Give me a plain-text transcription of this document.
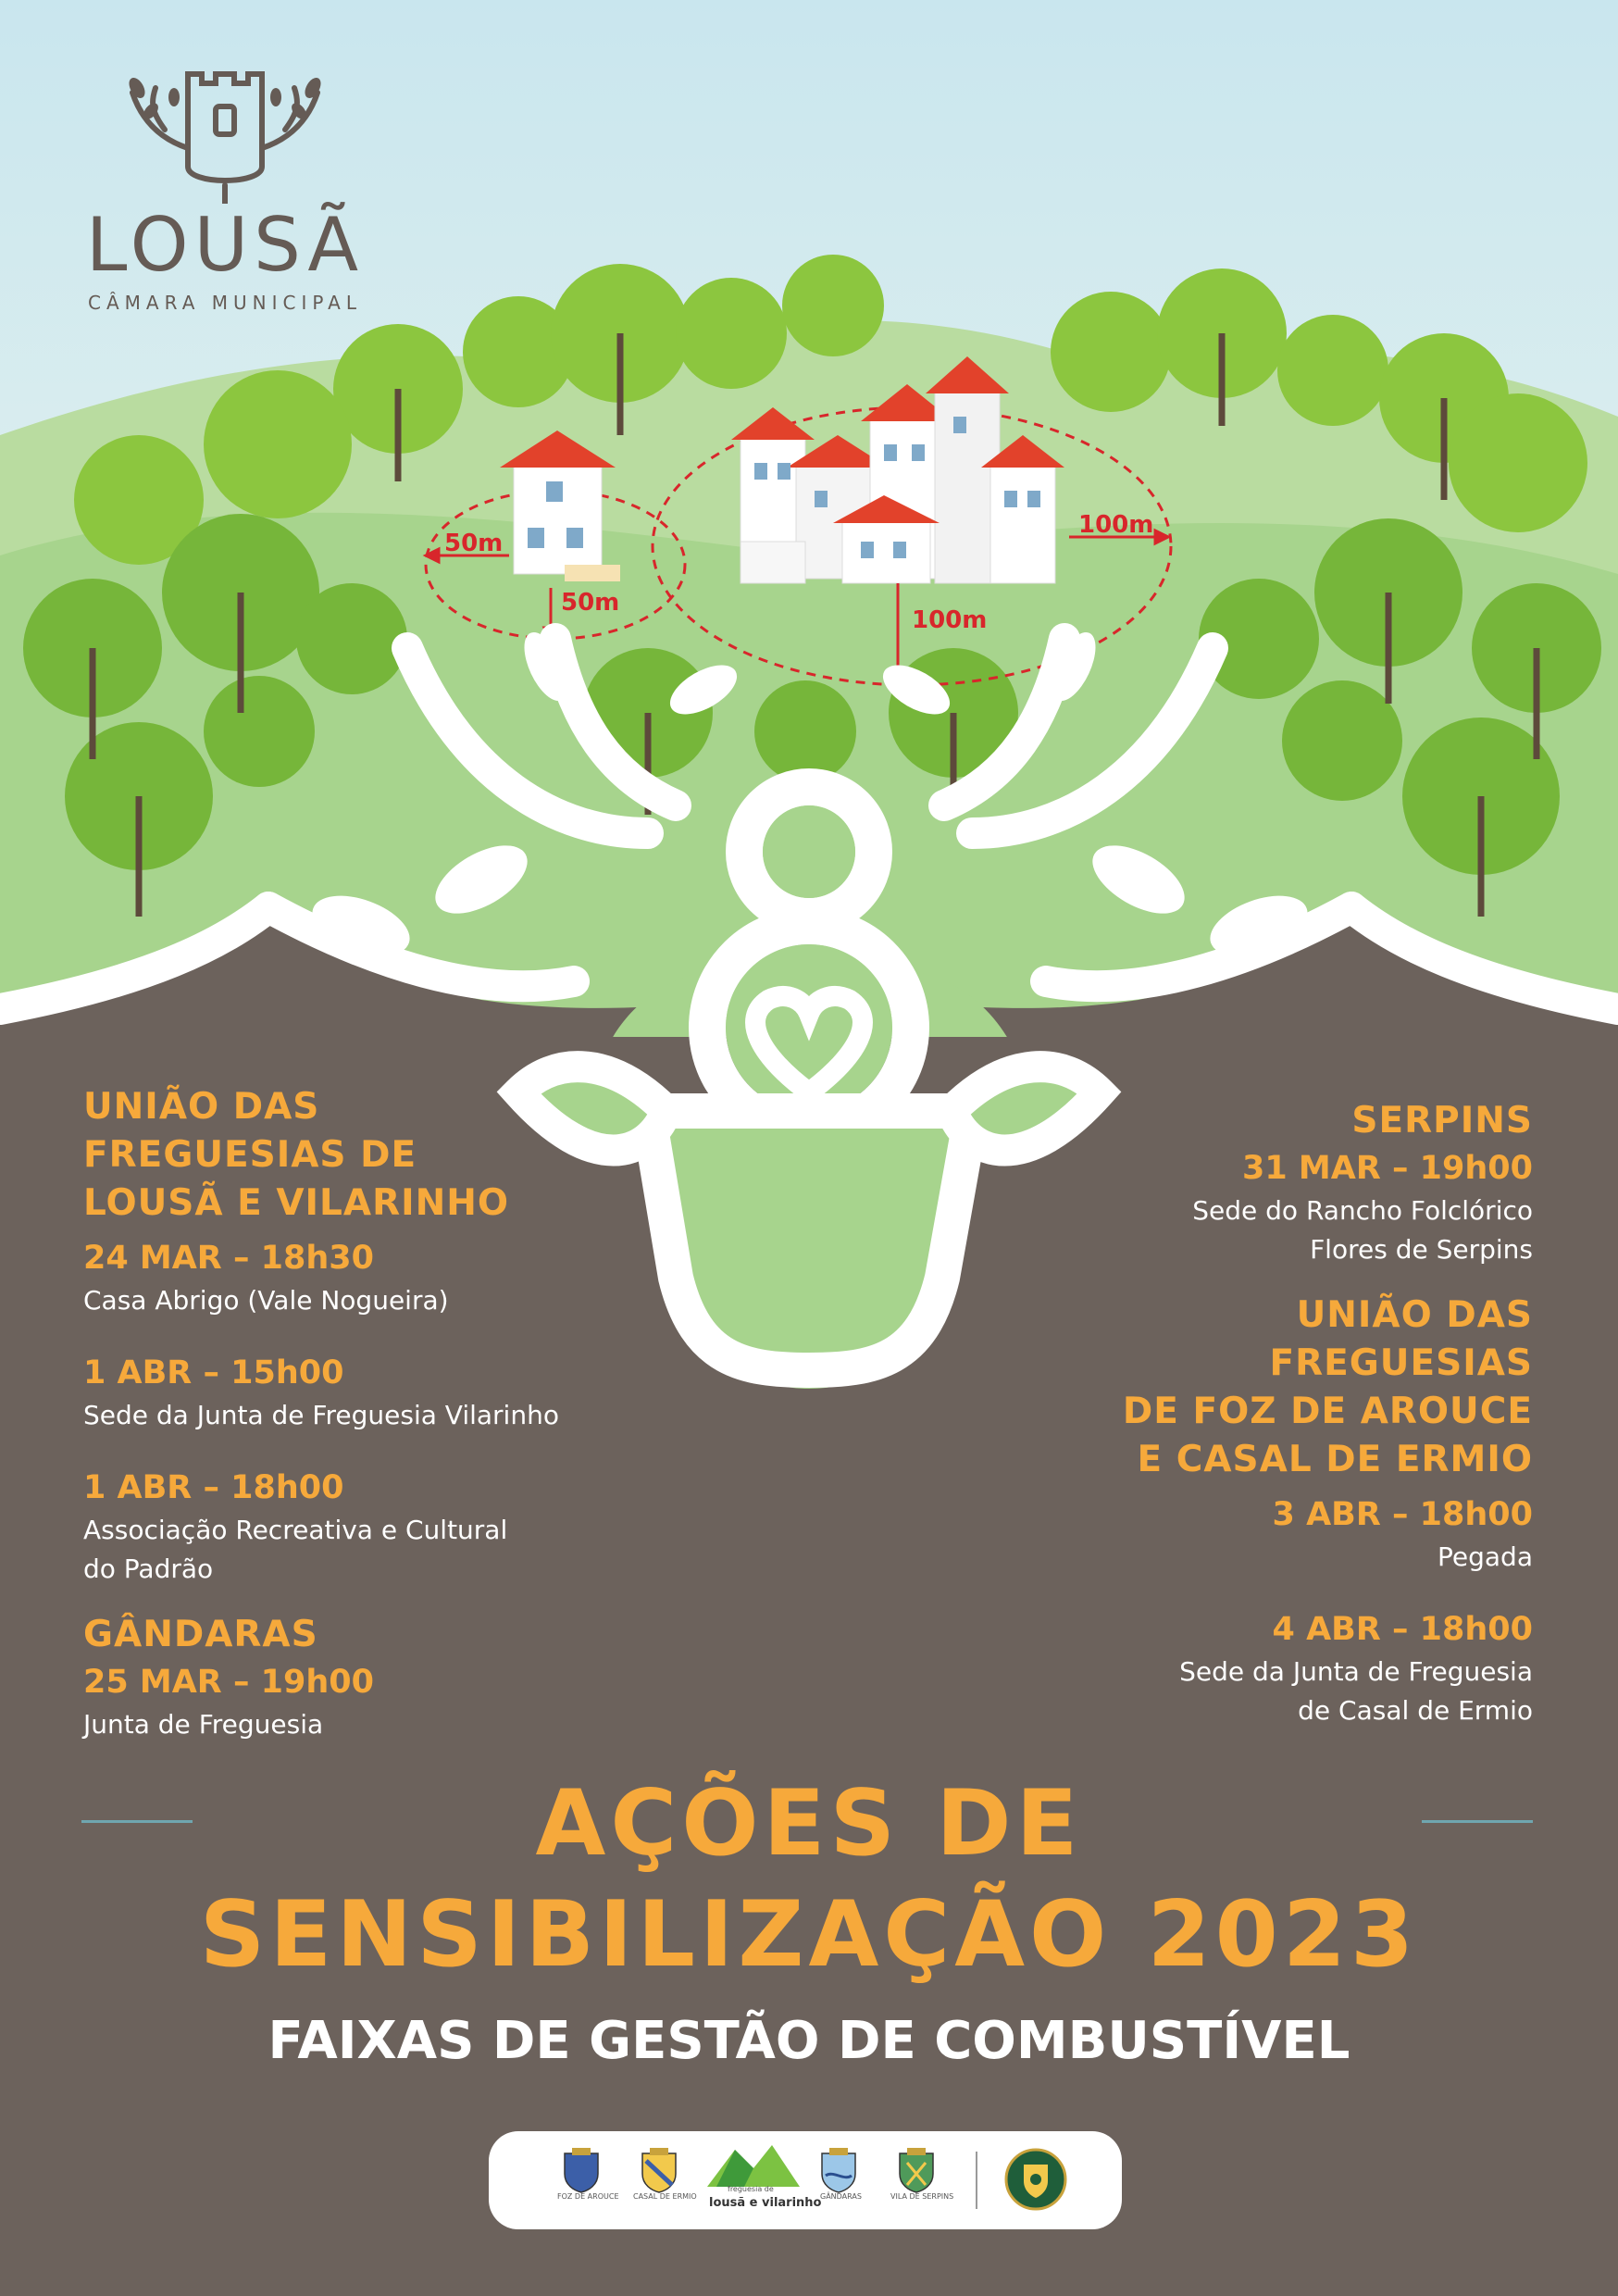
LOUSÃ
CÂMARA MUNICIPAL
50m
50m
100m
100m
UNIÃO DAS
FREGUESIAS DE
LOUSÃ E VILARINHO
24 MAR – 18h30
Casa Abrigo (Vale Nogueira)
1 ABR – 15h00
Sede da Junta de Freguesia Vilarinho
1 ABR – 18h00
Associação Recreativa e Cultural
do Padrão
GÂNDARAS
25 MAR – 19h00
Junta de Freguesia
SERPINS
31 MAR – 19h00
Sede do Rancho Folclórico
Flores de Serpins
UNIÃO DAS
FREGUESIAS
DE FOZ DE AROUCE
E CASAL DE ERMIO
3 ABR – 18h00
Pegada
4 ABR – 18h00
Sede da Junta de Freguesia
de Casal de Ermio
AÇÕES DE
SENSIBILIZAÇÃO 2023
FAIXAS DE GESTÃO DE COMBUSTÍVEL
FOZ DE AROUCE CASAL DE ERMIO
freguesia de
lousã e vilarinho
GÂNDARAS	VILA DE SERPINS
